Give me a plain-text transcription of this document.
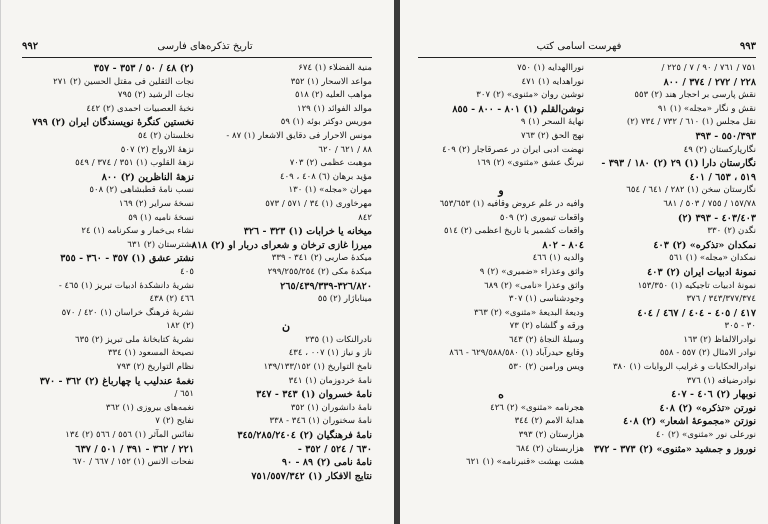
۹۹۲	تاریخ تذکره‌های فارسی
منیة الفضلاء (۱) ۶۷٤
مواعد الاسحار (۱) ۳۵۲
مواهب العلیه (۲) ٥١۸
موالد الفوائد (۱) ۱۲۹
موریس دوکتر بوئه (۱) ٥٩
مونس الاحرار فی دقایق الاشعار (۱) ۸۷ -
۸۸ / ٦۲۱ / ٦۲۰
موهبت عظمی (۲) ۷٠۳
مؤید برهان (٦) ٤٠٨ ، ٤٠۹
مهران «مجله» (۱) ۱۳٠
مهرخاوری (۱) ۳٤ / ٥٧١ / ٥٧٣
٨٤٢
میخانه یا خرابات (۱) ۳۲۳ - ۳۲٦
میرزا غازی ترخان و شعرای دربار او (۲) ۸۱۸
میکدۀ صاربی (۲) ٣٤١ - ۳۳۹
میکدۀ مکی (۲) ۲۹۹/۲٥٥/۲٥٤
٨٢٠/۳۳۹-۳۲٦/۲٦٥/٤٣٩
میناباژار (۲) ٥٥
ن
نادرالنکات (۱) ۲٣٥
ناز و نیاز (۱) ٠٠۷ ، ٤٣٤
نامخ التواریخ (۱) ۱۳۹/۱۳۳/۱٥۲
نامۀ خردوزمان (۱) ۳٤١
نامۀ خسروان (۱) ۳٤۳ - ۳٤۷
نامۀ دانشوران (۱) ۳٥٢
نامۀ سخنوران (۱) ۳٤٦ - ۳۳۸
نامۀ فرهنگیان (۲) ٣٤٥/٢٨٥/٢٤٠٤
٦٣٠ / ٥۲٤ / ۳٥۲ -
نامۀ نامی (۲) ۸٩ - ٩٠
نتایج الافکار (۱) ٧٥١/٥٥٧/٣٤٢
(۲) ٤٨ / ٥٠ / ۳٥٣ - ۳٥٧
نجات الثقلین فی مقتل الحسین (۲) ٢٧١
نجات الرشید (۲) ٧٩٥
نخبۀ العصبیات احمدی (۲) ٤٤٢
نخستین کنگرۀ نویسندگان ایران (۲) ٧٩٩
نخلستان (۲) ٥٤
نزهۀ الارواح (۲) ٥٠٧
نزهۀ القلوب (۱) ۳٥١ / ۳۷٤ / ٥٤٩
نزهۀ الناظرین (۲) ٨٠٠
نسب نامۀ قطبشاهی (۲) ٥٠٨
نسخۀ سرایر (۲) ١٦٩
نسخۀ نامیه (۱) ٥٩
نشاء بی‌خمار و سکرنامه (۱) ٢٤
نشترستان (۲) ٦٣١
نشتر عشق (۱) ٣٥٧ - ٣٦٠ - ۳٥٥
٤٠٥
نشریۀ دانشکدۀ ادبیات تبریز (۱) ٤٦٥ -
٤٦٦ (۲) ٤٣٨
نشریۀ فرهنگ خراسان (۱) ٤٢٠ / ٥٧٠
(۲) ١٨٢
نشریۀ کتابخانۀ ملی تبریز (۲) ٦٣٥
نصیحۀ المسعود (۱) ٣٣٤
نظام التواریخ (۲) ٧٩٣
نغمۀ عندلیب یا چهارباغ (۲) ٣٦٢ - ۳۷٠
٦٥١ /
نغمه‌های بیروزی (۱) ٣٦٢
نفایح (۲) ٧
نفائس المآثر (۱) ٥٥٦ / ٥٦٦ (۲) ١٣٤
٢٢١ / ٣٦٢ - ٣٩١ / ٥٠١ / ٦٣٧
نفحات الانس (۱) ١٥٢ / ٦٦٧ / ٦٧٠
۹۹۳
فهرست اسامی کتب
۷۵۱ / ۷٦۱ / ۹۰ / ۷ / ۲۲٥ /
۲۲۸ / ۲۷۲ / ۳۷٤ / ۸٠٠
نقش پارسی بر احجار هند (۲) ٥٥۳
نقش و نگار «مجله» (۱) ۹۱
نقل مجلس (۱) ٦١٠ / ٧٣٢ / ٧٣٤ (۲)
٥٥٠/٣٩٣ - ٣٩٣
نگارپارکستان (۲) ٤٩
نگارستان دارا (۱) ۲۹ (۲) ۱٨٠ / ٣٩٣ -
٥١٩ ، ٦٥٣ / ٤٠١
نگارستان سخن (۱) ۲۸۲ / ٦٤١ / ٦٥٤
١٥٧/٧٨ / ٧٥٥ / ٥٠٣ / ٦٨١
٤٠٣/٤٠٣ - ٣٩٣ (۲)
نگدن (۲) ٣٣٠
نمکدان «تذکره» (۲) ٤٠۳
نمکدان «مجله» (۱) ٥٦١
نمونۀ ادبیات ایران (۲) ٤٠۳
نمونۀ ادبیات تاجیکیه (۱) ١٥٣/٣٥٠
٣٤٣/٣٧٧/٣٧٤ / ٣٧٦
٤١٧ / ٤٠٥ - ٤٠٤ / ٤٦٧ / ٤٠٤
٣٠ - ٣٠٥
نوادرالالفاظ (۲) ١٦٣
نوادر الامثال (۲) ٥٥٧ - ٥٥٨
نوادرالحکایات و غرایب الروایات (۱) ٣٨٠
نوادرضیافه (۱) ٣٧٦
نوبهار (۲) ٤٠٦ - ٤٠٧
نورتن «تذکره» (۲) ٤٠٨
نوزتن «مجموعۀ اشعار» (۲) ٤٠٨
نورعلی نور «مثنوی» (۲) ٤٠
نوروز و جمشید «مثنوی» (۲) ٣٧٣ - ٣٧٢
نوراالهدایه (۱) ٧٥٠
نوراهدایه (۱) ٤٧١
نوشین روان «مثنوی» (۲) ٣٠٧
نوشن‌القلم (۱) ٨٠١ - ٨٠٠ - ٨٥٥
نهایۀ السحر (۱) ٩
نهج الحق (۲) ٧٦٣
نهضت ادبی ایران در عصرقاجار (۲) ٤٠٩
نیرنگ عشق «مثنوی» (۲) ١٦٩
و
وافیه در علم عروض وقافیه (۱) ٦٥٣/٦٥٣
واقعات تیموری (۲) ٥٠٩
واقعات کشمیر یا تاریخ اعظمی (۲) ٥١٤
٨٠٤ - ٨٠٢
والدیه (۱) ٤٦٦
واثق وعذراء «ضمیری» (۲) ٩
واثق وعذرا «نامی» (۲) ٦٨٩
وجودشناسی (۱) ٣٠٧
ودیعۀ البدیعۀ «مثنوی» (۲) ٣٦٣
ورقه و گلشاه (۲) ٧٣
وسیلۀ النجاۀ (۲) ٦٤٣
وقایع حیدرآباد (۱) ٦٢٩/٥٨٨/٥٨٠ - ٨٦٦
ویس ورامین (۲) ٥٣٠
ه
هجرنامه «مثنوی» (۲) ٤٢٦
هدایۀ الامم (۲) ٣٤٤
هزارستان (۲) ٣٩٣
هزاربستان (۲) ٦٨٤
هشت بهشت «قنبرنامه» (۱) ٦٢١
